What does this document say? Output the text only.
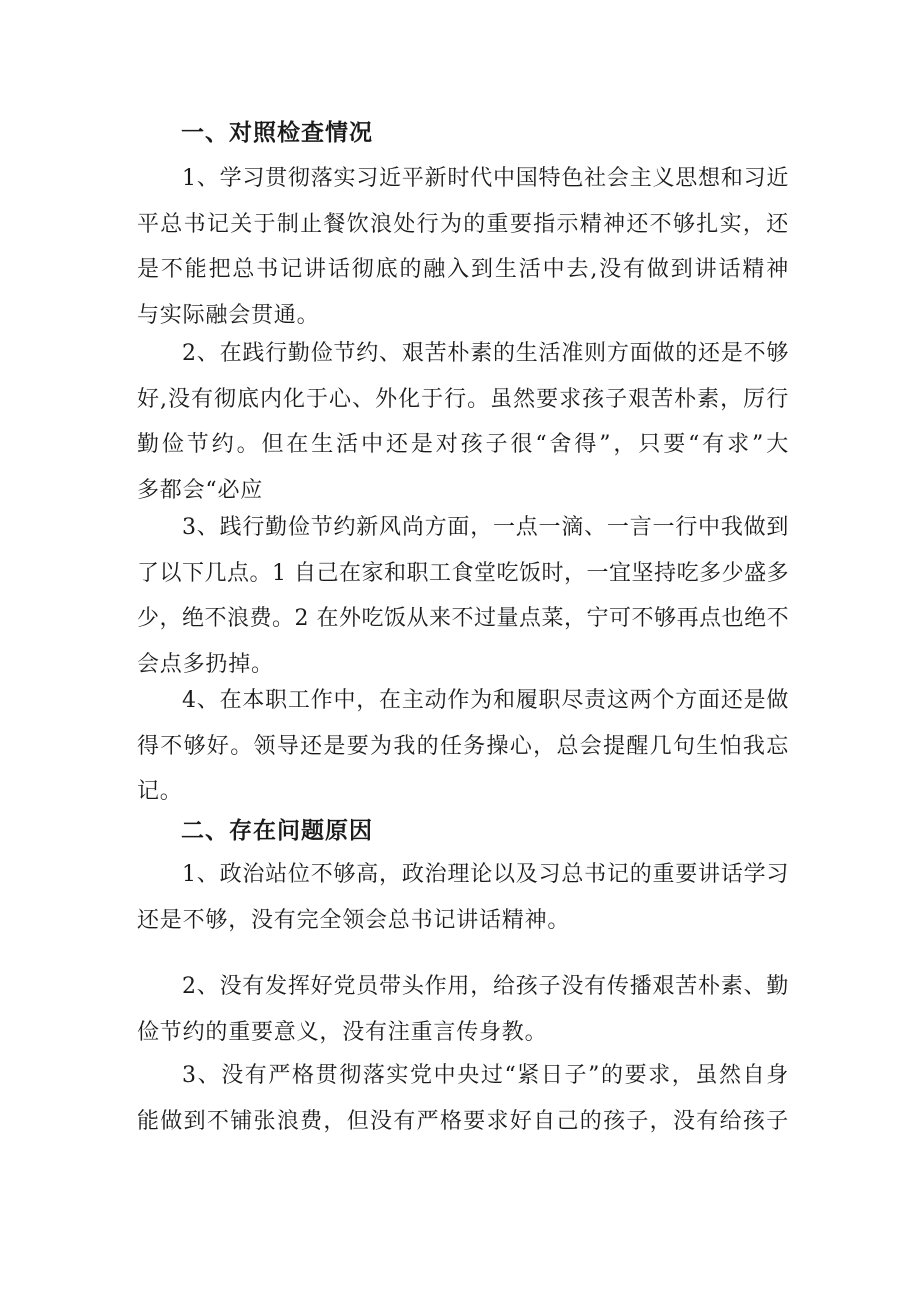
一、对照检查情况
1、学习贯彻落实习近平新时代中国特色社会主义思想和习近
平总书记关于制止餐饮浪处行为的重要指示精神还不够扎实，还
是不能把总书记讲话彻底的融入到生活中去,没有做到讲话精神
与实际融会贯通。
2、在践行勤俭节约、艰苦朴素的生活准则方面做的还是不够
好,没有彻底内化于心、外化于行。虽然要求孩子艰苦朴素，厉行
勤俭节约。但在生活中还是对孩子很“舍得”，只要“有求”大
多都会“必应
3、践行勤俭节约新风尚方面，一点一滴、一言一行中我做到
了以下几点。1 自己在家和职工食堂吃饭时，一宜坚持吃多少盛多
少，绝不浪费。2 在外吃饭从来不过量点菜，宁可不够再点也绝不
会点多扔掉。
4、在本职工作中，在主动作为和履职尽责这两个方面还是做
得不够好。领导还是要为我的任务操心，总会提醒几句生怕我忘
记。
二、存在问题原因
1、政治站位不够高，政治理论以及习总书记的重要讲话学习
还是不够，没有完全领会总书记讲话精神。
2、没有发挥好党员带头作用，给孩子没有传播艰苦朴素、勤
俭节约的重要意义，没有注重言传身教。
3、没有严格贯彻落实党中央过“紧日子”的要求，虽然自身
能做到不铺张浪费，但没有严格要求好自己的孩子，没有给孩子
